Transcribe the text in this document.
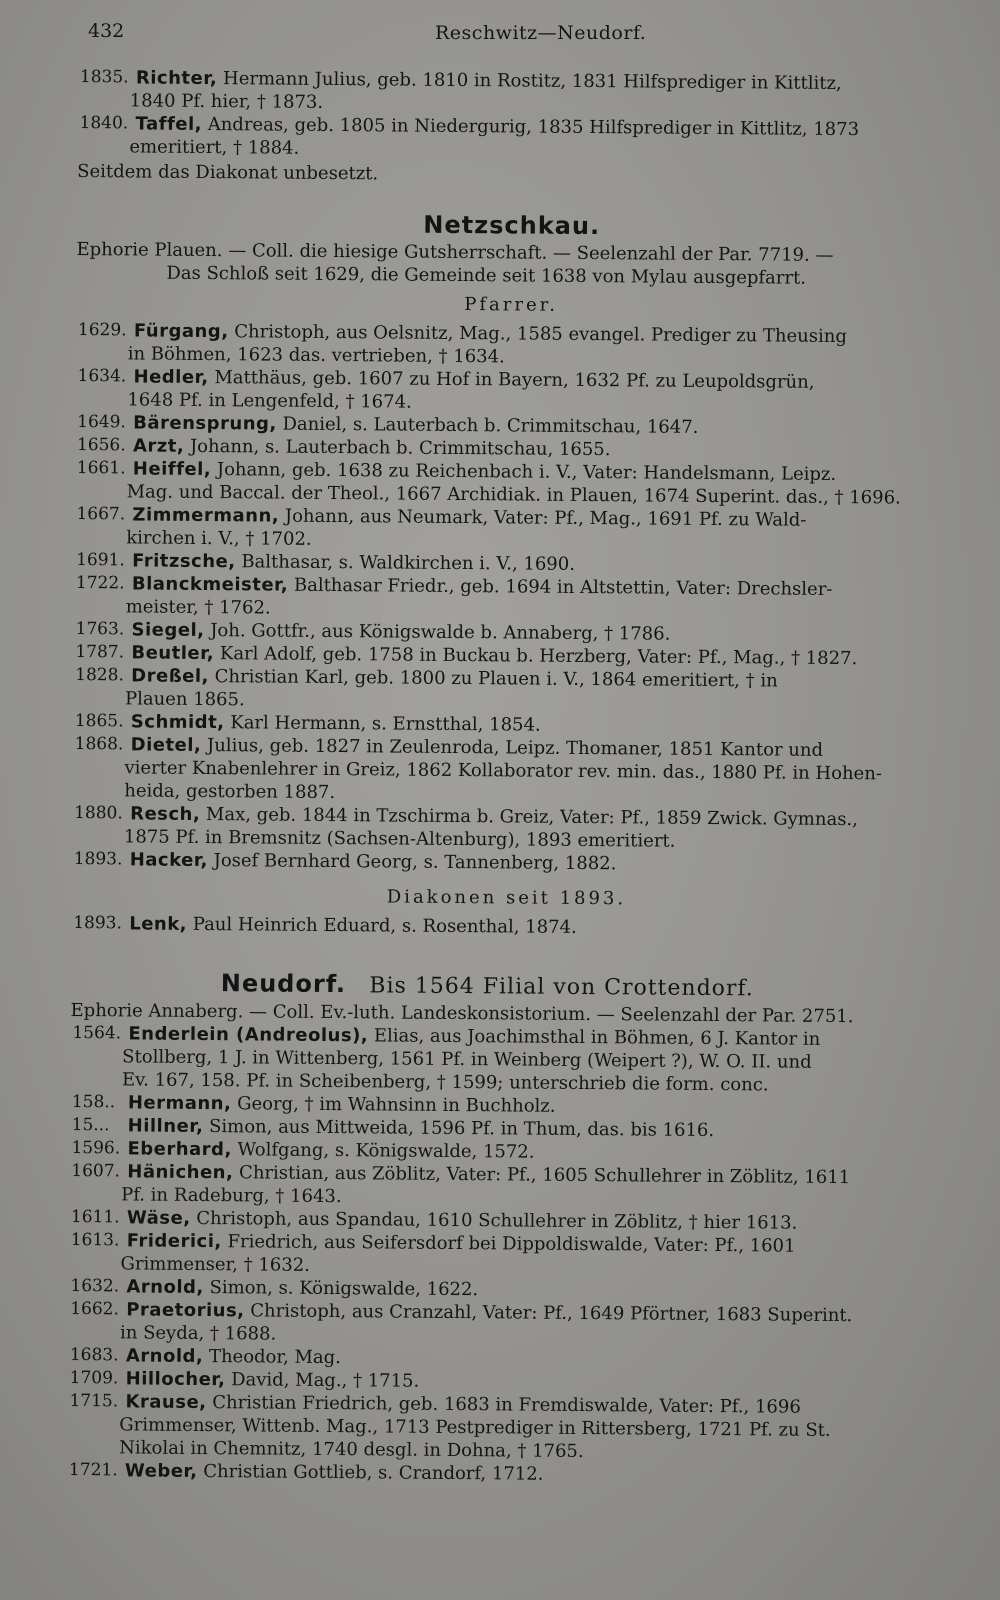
432	Reschwitz—Neudorf.

1835. Richter, Hermann Julius, geb. 1810 in Rostitz, 1831 Hilfsprediger in Kittlitz,
1840 Pf. hier, † 1873.

1840. Taffel, Andreas, geb. 1805 in Niedergurig, 1835 Hilfsprediger in Kittlitz, 1873
emeritiert, † 1884.

Seitdem das Diakonat unbesetzt.

Netzschkau.

Ephorie Plauen. — Coll. die hiesige Gutsherrschaft. — Seelenzahl der Par. 7719. —

Das Schloß seit 1629, die Gemeinde seit 1638 von Mylau ausgepfarrt.

Pfarrer.

1629. Fürgang, Christoph, aus Oelsnitz, Mag., 1585 evangel. Prediger zu Theusing
in Böhmen, 1623 das. vertrieben, † 1634.

1634. Hedler, Matthäus, geb. 1607 zu Hof in Bayern, 1632 Pf. zu Leupoldsgrün,
1648 Pf. in Lengenfeld, † 1674.

1649. Bärensprung, Daniel, s. Lauterbach b. Crimmitschau, 1647.

1656. Arzt, Johann, s. Lauterbach b. Crimmitschau, 1655.

1661. Heiffel, Johann, geb. 1638 zu Reichenbach i. V., Vater: Handelsmann, Leipz.
Mag. und Baccal. der Theol., 1667 Archidiak. in Plauen, 1674 Superint. das., † 1696.

1667. Zimmermann, Johann, aus Neumark, Vater: Pf., Mag., 1691 Pf. zu Wald-
kirchen i. V., † 1702.

1691. Fritzsche, Balthasar, s. Waldkirchen i. V., 1690.

1722. Blanckmeister, Balthasar Friedr., geb. 1694 in Altstettin, Vater: Drechsler-
meister, † 1762.

1763. Siegel, Joh. Gottfr., aus Königswalde b. Annaberg, † 1786.

1787. Beutler, Karl Adolf, geb. 1758 in Buckau b. Herzberg, Vater: Pf., Mag., † 1827.

1828. Dreßel, Christian Karl, geb. 1800 zu Plauen i. V., 1864 emeritiert, † in
Plauen 1865.

1865. Schmidt, Karl Hermann, s. Ernstthal, 1854.

1868. Dietel, Julius, geb. 1827 in Zeulenroda, Leipz. Thomaner, 1851 Kantor und
vierter Knabenlehrer in Greiz, 1862 Kollaborator rev. min. das., 1880 Pf. in Hohen-
heida, gestorben 1887.

1880. Resch, Max, geb. 1844 in Tzschirma b. Greiz, Vater: Pf., 1859 Zwick. Gymnas.,
1875 Pf. in Bremsnitz (Sachsen-Altenburg), 1893 emeritiert.

1893. Hacker, Josef Bernhard Georg, s. Tannenberg, 1882.

Diakonen seit 1893.

1893. Lenk, Paul Heinrich Eduard, s. Rosenthal, 1874.

Neudorf. Bis 1564 Filial von Crottendorf.

Ephorie Annaberg. — Coll. Ev.-luth. Landeskonsistorium. — Seelenzahl der Par. 2751.

1564. Enderlein (Andreolus), Elias, aus Joachimsthal in Böhmen, 6 J. Kantor in
Stollberg, 1 J. in Wittenberg, 1561 Pf. in Weinberg (Weipert ?), W. O. II. und
Ev. 167, 158. Pf. in Scheibenberg, † 1599; unterschrieb die form. conc.

158.. Hermann, Georg, † im Wahnsinn in Buchholz.

15... Hillner, Simon, aus Mittweida, 1596 Pf. in Thum, das. bis 1616.

1596. Eberhard, Wolfgang, s. Königswalde, 1572.

1607. Hänichen, Christian, aus Zöblitz, Vater: Pf., 1605 Schullehrer in Zöblitz, 1611
Pf. in Radeburg, † 1643.

1611. Wäse, Christoph, aus Spandau, 1610 Schullehrer in Zöblitz, † hier 1613.

1613. Friderici, Friedrich, aus Seifersdorf bei Dippoldiswalde, Vater: Pf., 1601
Grimmenser, † 1632.

1632. Arnold, Simon, s. Königswalde, 1622.

1662. Praetorius, Christoph, aus Cranzahl, Vater: Pf., 1649 Pförtner, 1683 Superint.
in Seyda, † 1688.

1683. Arnold, Theodor, Mag.

1709. Hillocher, David, Mag., † 1715.

1715. Krause, Christian Friedrich, geb. 1683 in Fremdiswalde, Vater: Pf., 1696
Grimmenser, Wittenb. Mag., 1713 Pestprediger in Rittersberg, 1721 Pf. zu St.
Nikolai in Chemnitz, 1740 desgl. in Dohna, † 1765.

1721. Weber, Christian Gottlieb, s. Crandorf, 1712.
